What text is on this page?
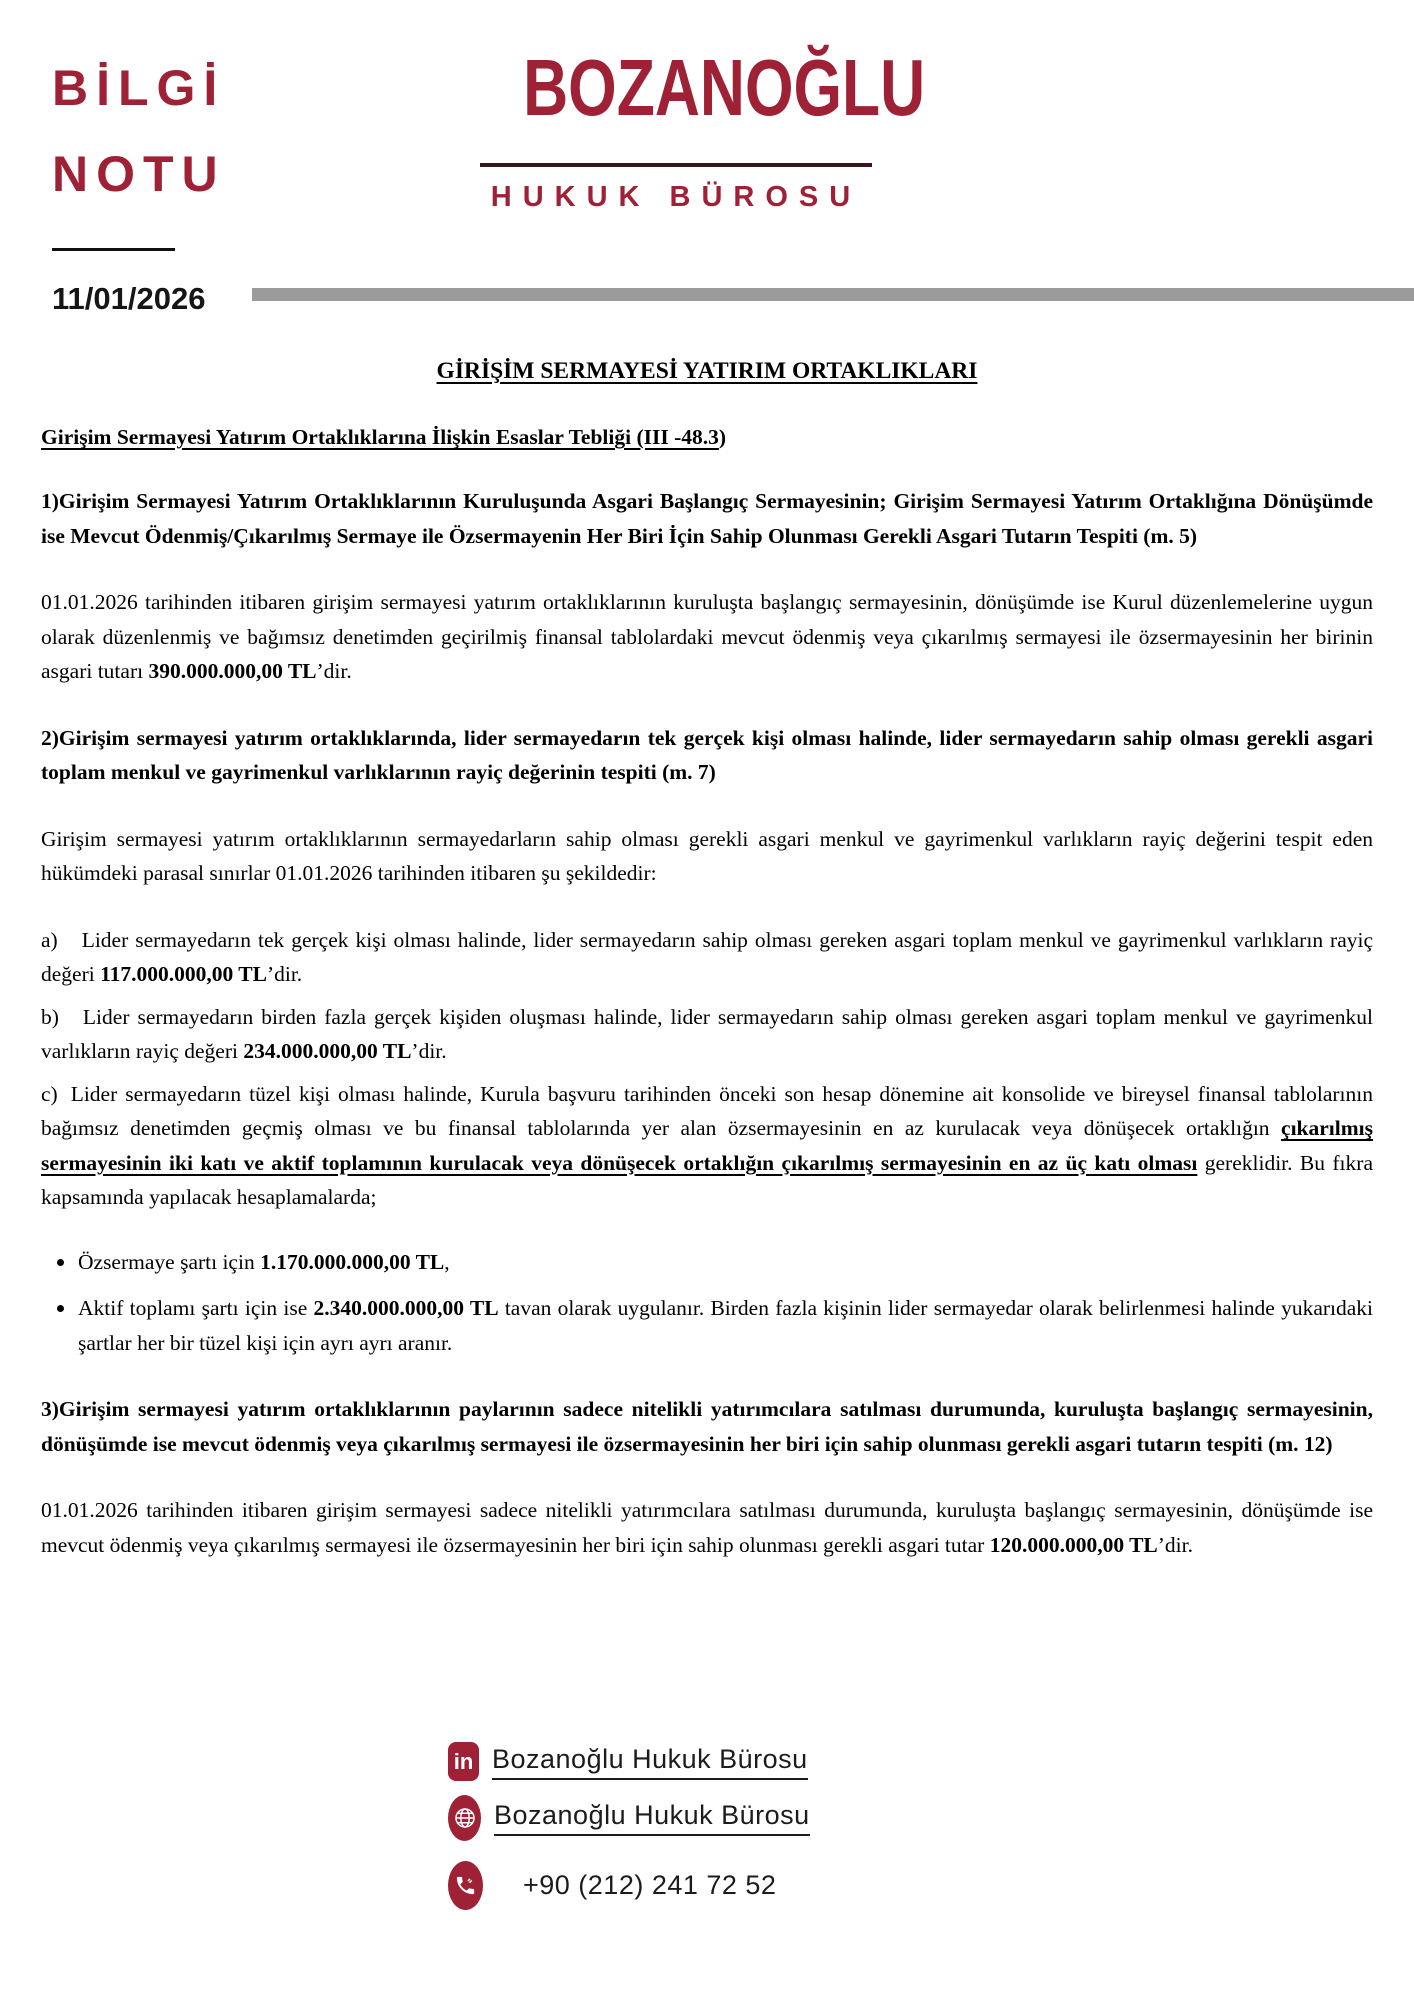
BİLGİ
NOTU
11/01/2026
BOZANOĞLU
HUKUK BÜROSU
GİRİŞİM SERMAYESİ YATIRIM ORTAKLIKLARI
Girişim Sermayesi Yatırım Ortaklıklarına İlişkin Esaslar Tebliği (III -48.3)
1)Girişim Sermayesi Yatırım Ortaklıklarının Kuruluşunda Asgari Başlangıç Sermayesinin; Girişim Sermayesi Yatırım Ortaklığına Dönüşümde ise Mevcut Ödenmiş/Çıkarılmış Sermaye ile Özsermayenin Her Biri İçin Sahip Olunması Gerekli Asgari Tutarın Tespiti (m. 5)

01.01.2026 tarihinden itibaren girişim sermayesi yatırım ortaklıklarının kuruluşta başlangıç sermayesinin, dönüşümde ise Kurul düzenlemelerine uygun olarak düzenlenmiş ve bağımsız denetimden geçirilmiş finansal tablolardaki mevcut ödenmiş veya çıkarılmış sermayesi ile özsermayesinin her birinin asgari tutarı 390.000.000,00 TL’dir.

2)Girişim sermayesi yatırım ortaklıklarında, lider sermayedarın tek gerçek kişi olması halinde, lider sermayedarın sahip olması gerekli asgari toplam menkul ve gayrimenkul varlıklarının rayiç değerinin tespiti (m. 7)

Girişim sermayesi yatırım ortaklıklarının sermayedarların sahip olması gerekli asgari menkul ve gayrimenkul varlıkların rayiç değerini tespit eden hükümdeki parasal sınırlar 01.01.2026 tarihinden itibaren şu şekildedir:

a) Lider sermayedarın tek gerçek kişi olması halinde, lider sermayedarın sahip olması gereken asgari toplam menkul ve gayrimenkul varlıkların rayiç değeri 117.000.000,00 TL’dir.

b) Lider sermayedarın birden fazla gerçek kişiden oluşması halinde, lider sermayedarın sahip olması gereken asgari toplam menkul ve gayrimenkul varlıkların rayiç değeri 234.000.000,00 TL’dir.

c) Lider sermayedarın tüzel kişi olması halinde, Kurula başvuru tarihinden önceki son hesap dönemine ait konsolide ve bireysel finansal tablolarının bağımsız denetimden geçmiş olması ve bu finansal tablolarında yer alan özsermayesinin en az kurulacak veya dönüşecek ortaklığın çıkarılmış sermayesinin iki katı ve aktif toplamının kurulacak veya dönüşecek ortaklığın çıkarılmış sermayesinin en az üç katı olması gereklidir. Bu fıkra kapsamında yapılacak hesaplamalarda;

Özsermaye şartı için 1.170.000.000,00 TL,
Aktif toplamı şartı için ise 2.340.000.000,00 TL tavan olarak uygulanır. Birden fazla kişinin lider sermayedar olarak belirlenmesi halinde yukarıdaki şartlar her bir tüzel kişi için ayrı ayrı aranır.
3)Girişim sermayesi yatırım ortaklıklarının paylarının sadece nitelikli yatırımcılara satılması durumunda, kuruluşta başlangıç sermayesinin, dönüşümde ise mevcut ödenmiş veya çıkarılmış sermayesi ile özsermayesinin her biri için sahip olunması gerekli asgari tutarın tespiti (m. 12)

01.01.2026 tarihinden itibaren girişim sermayesi sadece nitelikli yatırımcılara satılması durumunda, kuruluşta başlangıç sermayesinin, dönüşümde ise mevcut ödenmiş veya çıkarılmış sermayesi ile özsermayesinin her biri için sahip olunması gerekli asgari tutar 120.000.000,00 TL’dir.

in Bozanoğlu Hukuk Bürosu
Bozanoğlu Hukuk Bürosu
+90 (212) 241 72 52
